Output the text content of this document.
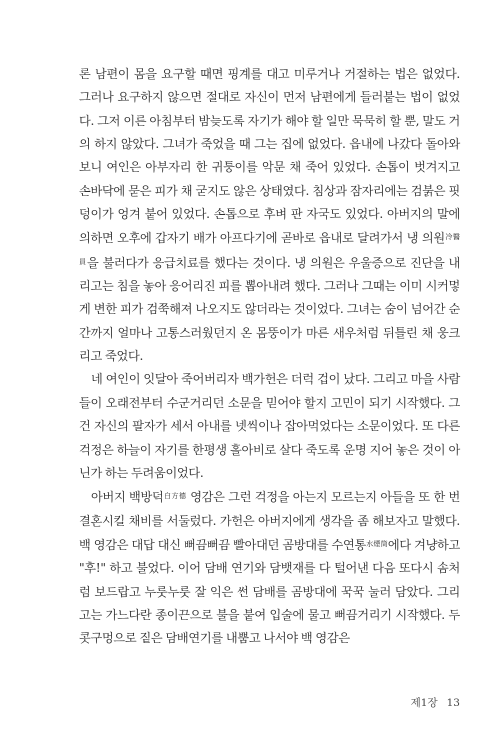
론 남편이 몸을 요구할 때면 핑계를 대고 미루거나 거절하는 법은 없었다. 그러나 요구하지 않으면 절대로 자신이 먼저 남편에게 들러붙는 법이 없었다. 그저 이른 아침부터 밤늦도록 자기가 해야 할 일만 묵묵히 할 뿐, 말도 거의 하지 않았다. 그녀가 죽었을 때 그는 집에 없었다. 읍내에 나갔다 돌아와 보니 여인은 아부자리 한 귀퉁이를 악문 채 죽어 있었다. 손톱이 벗겨지고 손바닥에 묻은 피가 채 굳지도 않은 상태였다. 침상과 잠자리에는 검붉은 핏덩이가 엉겨 붙어 있었다. 손톱으로 후벼 판 자국도 있었다. 아버지의 말에 의하면 오후에 갑자기 배가 아프다기에 곧바로 읍내로 달려가서 냉 의원$^{冷醫員}$을 불러다가 응급치료를 했다는 것이다. 냉 의원은 우울증으로 진단을 내리고는 침을 놓아 응어리진 피를 뽑아내려 했다. 그러나 그때는 이미 시커멓게 변한 피가 검쭉해져 나오지도 않더라는 것이었다. 그녀는 숨이 넘어간 순간까지 얼마나 고통스러웠던지 온 몸뚱이가 마른 새우처럼 뒤틀린 채 웅크리고 죽었다.

네 여인이 잇달아 죽어버리자 백가헌은 더럭 겁이 났다. 그리고 마을 사람들이 오래전부터 수군거리던 소문을 믿어야 할지 고민이 되기 시작했다. 그건 자신의 팔자가 세서 아내를 넷씩이나 잡아먹었다는 소문이었다. 또 다른 걱정은 하늘이 자기를 한평생 홀아비로 살다 죽도록 운명 지어 놓은 것이 아닌가 하는 두려움이었다.

아버지 백방덕$^{白方德}$ 영감은 그런 걱정을 아는지 모르는지 아들을 또 한 번 결혼시킬 채비를 서둘렀다. 가헌은 아버지에게 생각을 좀 해보자고 말했다. 백 영감은 대답 대신 뻐끔뻐끔 빨아대던 곰방대를 수연통$^{水煙筒}$에다 겨냥하고 "후!" 하고 불었다. 이어 담배 연기와 담뱃재를 다 털어낸 다음 또다시 솜처럼 보드랍고 누룻누룻 잘 익은 썬 담배를 곰방대에 꾹꾹 눌러 담았다. 그리고는 가느다란 종이끈으로 불을 붙여 입술에 물고 뻐끔거리기 시작했다. 두 콧구멍으로 짙은 담배연기를 내뿜고 나서야 백 영감은

제1장 13
